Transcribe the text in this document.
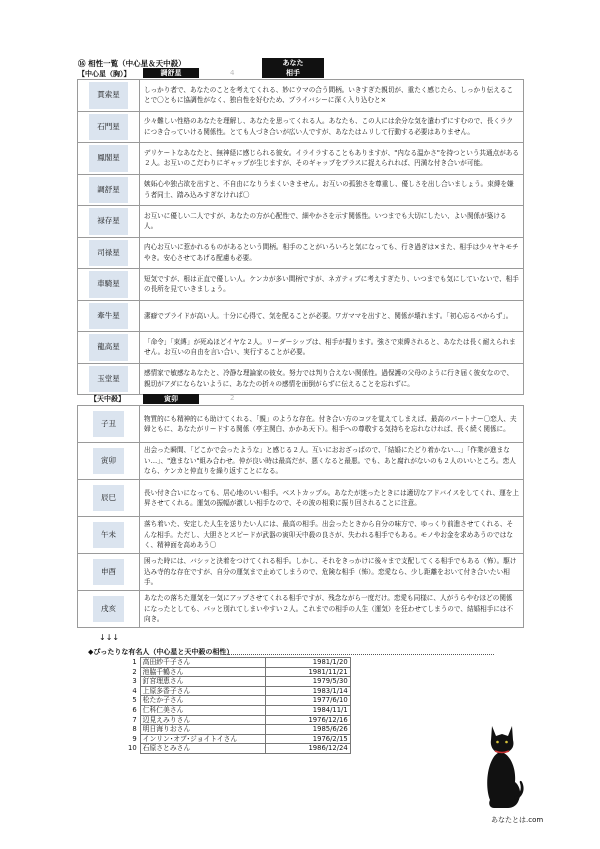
⑯ 相性一覧（中心星＆天中殺）	あなた
【中心星（胸）】	調舒星	4	相手
貫索星	しっかり者で、あなたのことを考えてくれる、妙にウマの合う間柄。いきすぎた親切が、重たく感じたら、しっかり伝えることで〇ともに協調性がなく、独自性を好むため、プライバシーに深く入り込むと×
石門星	少々難しい性格のあなたを理解し、あなたを思ってくれる人。あなたも、この人には余分な気を遣わずにすむので、長くラクにつき合っていける関係性。とても人づき合いが広い人ですが、あなたはムリして行動する必要はありません。
鳳閣星	デリケートなあなたと、無神経に感じられる彼女。イライラすることもありますが、"内なる温かさ"を持つという共通点がある２人。お互いのこだわりにギャップが生じますが、そのギャップをプラスに捉えられれば、円満な付き合いが可能。
調舒星	嫉妬心や独占欲を出すと、不自由になりうまくいきません。お互いの孤独さを尊重し、優しさを出し合いましょう。束縛を嫌う者同士、踏み込みすぎなければ〇
禄存星	お互いに優しい二人ですが、あなたの方が心配性で、細やかさを示す関係性。いつまでも大切にしたい、よい関係が築ける人。
司禄星	内心お互いに惹かれるものがあるという間柄。相手のことがいろいろと気になっても、行き過ぎは×また、相手は少々ヤキモチやき。安心させてあげる配慮も必要。
車騎星	短気ですが、根は正直で優しい人。ケンカが多い間柄ですが、ネガティブに考えすぎたり、いつまでも気にしていないで、相手の長所を見ていきましょう。
牽牛星	潔癖でプライドが高い人。十分に心得て、気を配ることが必要。ワガママを出すと、関係が壊れます。「初心忘るべからず」。
龍高星	「命令」「束縛」が死ぬほどイヤな２人。リーダーシップは、相手が握ります。強さで束縛されると、あなたは長く耐えられません。お互いの自由を言い合い、実行することが必要。
玉堂星	感情家で敏感なあなたと、冷静な理論家の彼女。努力では判り合えない関係性。過保護の父母のように行き届く彼女なので、親切がアダにならないように、あなたの折々の感情を面倒がらずに伝えることを忘れずに。
【天中殺】	寅卯	2
子丑	物質的にも精神的にも助けてくれる、「親」のような存在。付き合い方のコツを覚えてしまえば、最高のパートナー〇恋人、夫婦ともに、あなたがリードする関係（亭主関白、かかあ天下）。相手への尊敬する気持ちを忘れなければ、長く続く関係に。
寅卯	出会った瞬間、「どこかで会ったような」と感じる２人。互いにおおざっぱので、「結婚にたどり着かない…」「作業が進まない…」、"進まない"組み合わせ。仲が良い時は最高だが、悪くなると最悪。でも、あと腐れがないのも２人のいいところ。恋人なら、ケンカと仲直りを繰り返すことになる。
辰巳	長い付き合いになっても、居心地のいい相手。ベストカップル。あなたが迷ったときには適切なアドバイスをしてくれ、運を上昇させてくれる。運気の振幅が激しい相手なので、その波の相乗に振り回されることに注意。
午未	落ち着いた、安定した人生を送りたい人には、最高の相手。出会ったときから自分の味方で、ゆっくり前進させてくれる、そんな相手。ただし、大胆さとスピードが武器の寅卯天中殺の良さが、失われる相手でもある。モノやお金を求めあうのではなく、精神面を高めあう〇
申酉	困った時には、バシッと決着をつけてくれる相手。しかし、それをきっかけに後々まで支配してくる相手でもある（怖）。駆け込み寺的な存在ですが、自分の運気まで止めてしまうので、危険な相手（怖）。恋愛なら、少し距離をおいて付き合いたい相手。
戌亥	あなたの落ちた運気を一気にアップさせてくれる相手ですが、残念ながら一度だけ。恋愛も同様に、人がうらやむほどの関係になったとしても、パッと別れてしまいやすい２人。これまでの相手の人生（運気）を狂わせてしまうので、結婚相手には不向き。
↓↓↓
◆ぴったりな有名人（中心星と天中殺の相性）
1	高田紗千子さん	1981/1/20
2	池脇千鶴さん	1981/11/21
3	釘宮理恵さん	1979/5/30
4	上原多香子さん	1983/1/14
5	松たか子さん	1977/6/10
6	仁科仁美さん	1984/11/1
7	辺見えみりさん	1976/12/16
8	明日海りおさん	1985/6/26
9	インリン･オブ･ジョイトイさん	1976/2/15
10	石原さとみさん	1986/12/24
あなたとは.com
